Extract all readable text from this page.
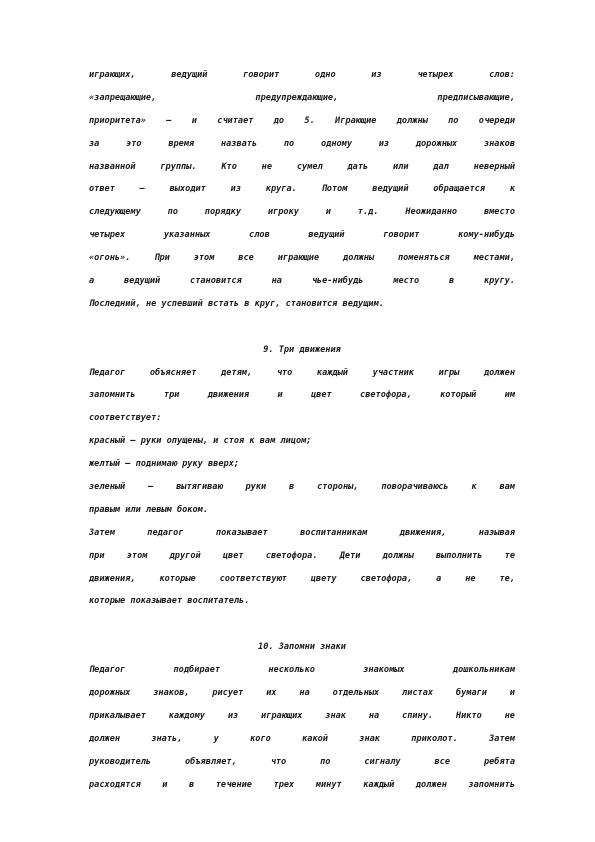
играющих, ведущий говорит одно из четырех слов:
«запрещающие, предупреждающие, предписывающие,
приоритета» – и считает до 5. Играющие должны по очереди
за это время назвать по одному из дорожных знаков
названной группы. Кто не сумел дать или дал неверный
ответ – выходит из круга. Потом ведущий обращается к
следующему по порядку игроку и т.д. Неожиданно вместо
четырех указанных слов ведущий говорит кому-нибудь
«огонь». При этом все играющие должны поменяться местами,
а ведущий становится на чье-нибудь место в кругу.
Последний, не успевший встать в круг, становится ведущим.
9. Три движения
Педагог объясняет детям, что каждый участник игры должен
запомнить три движения и цвет светофора, который им
соответствует:
красный – руки опущены, и стоя к вам лицом;
желтый – поднимаю руку вверх;
зеленый – вытягиваю руки в стороны, поворачиваюсь к вам
правым или левым боком.
Затем педагог показывает воспитанникам движения, называя
при этом другой цвет светофора. Дети должны выполнить те
движения, которые соответствуют цвету светофора, а не те,
которые показывает воспитатель.
10. Запомни знаки
Педагог подбирает несколько знакомых дошкольникам
дорожных знаков, рисует их на отдельных листах бумаги и
прикалывает каждому из играющих знак на спину. Никто не
должен знать, у кого какой знак приколот. Затем
руководитель объявляет, что по сигналу все ребята
расходятся и в течение трех минут каждый должен запомнить
